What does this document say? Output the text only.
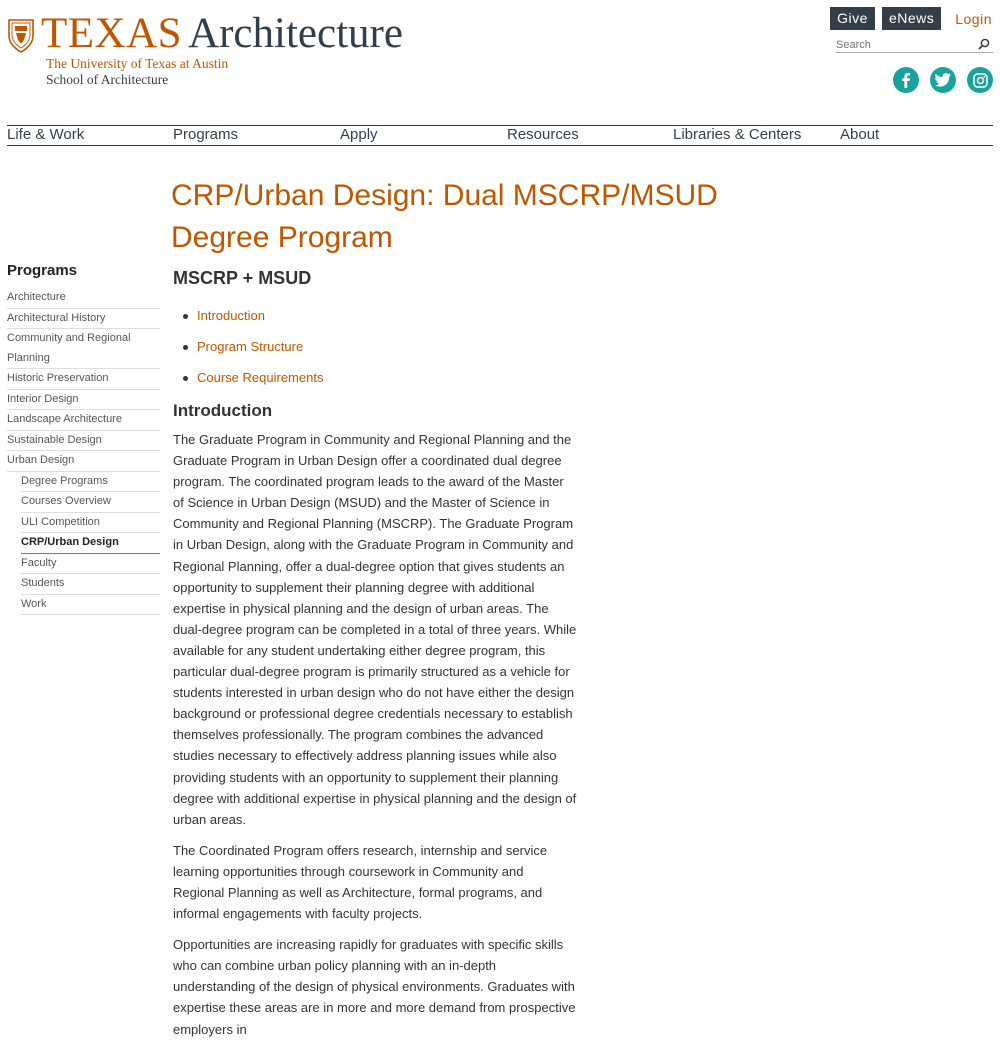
TEXAS Architecture
The University of Texas at Austin
School of Architecture
Give	eNews	Login
Search
Life & Work	Programs	Apply	Resources	Libraries & Centers	About
CRP/Urban Design: Dual MSCRP/MSUD Degree Program
Programs
Architecture
Architectural History
Community and Regional Planning
Historic Preservation
Interior Design
Landscape Architecture
Sustainable Design
Urban Design
Degree Programs
Courses Overview
ULI Competition
CRP/Urban Design
Faculty
Students
Work
MSCRP + MSUD
Introduction
Program Structure
Course Requirements
Introduction

The Graduate Program in Community and Regional Planning and the Graduate Program in Urban Design offer a coordinated dual degree program. The coordinated program leads to the award of the Master of Science in Urban Design (MSUD) and the Master of Science in Community and Regional Planning (MSCRP). The Graduate Program in Urban Design, along with the Graduate Program in Community and Regional Planning, offer a dual-degree option that gives students an opportunity to supplement their planning degree with additional expertise in physical planning and the design of urban areas. The dual-degree program can be completed in a total of three years. While available for any student undertaking either degree program, this particular dual-degree program is primarily structured as a vehicle for students interested in urban design who do not have either the design background or professional degree credentials necessary to establish themselves professionally. The program combines the advanced studies necessary to effectively address planning issues while also providing students with an opportunity to supplement their planning degree with additional expertise in physical planning and the design of urban areas.

The Coordinated Program offers research, internship and service learning opportunities through coursework in Community and Regional Planning as well as Architecture, formal programs, and informal engagements with faculty projects.

Opportunities are increasing rapidly for graduates with specific skills who can combine urban policy planning with an in-depth understanding of the design of physical environments. Graduates with expertise these areas are in more and more demand from prospective employers in
